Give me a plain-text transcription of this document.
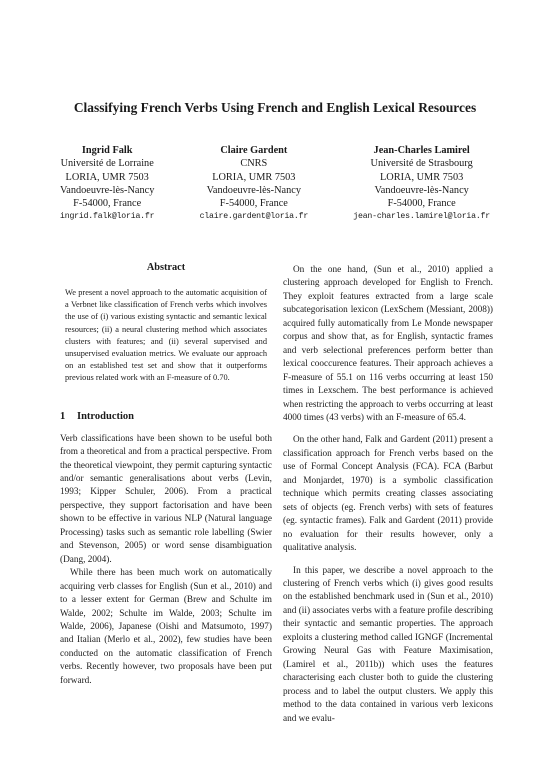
Classifying French Verbs Using French and English Lexical Resources
Ingrid Falk
Université de Lorraine
LORIA, UMR 7503
Vandoeuvre-lès-Nancy
F-54000, France
ingrid.falk@loria.fr
Claire Gardent
CNRS
LORIA, UMR 7503
Vandoeuvre-lès-Nancy
F-54000, France
claire.gardent@loria.fr
Jean-Charles Lamirel
Université de Strasbourg
LORIA, UMR 7503
Vandoeuvre-lès-Nancy
F-54000, France
jean-charles.lamirel@loria.fr
Abstract

We present a novel approach to the automatic acquisition of a Verbnet like classification of French verbs which involves the use of (i) various existing syntactic and semantic lexical resources; (ii) a neural clustering method which associates clusters with features; and (ii) several supervised and unsupervised evaluation metrics. We evaluate our approach on an established test set and show that it outperforms previous related work with an F-measure of 0.70.

1 Introduction

Verb classifications have been shown to be useful both from a theoretical and from a practical perspective. From the theoretical viewpoint, they permit capturing syntactic and/or semantic generalisations about verbs (Levin, 1993; Kipper Schuler, 2006). From a practical perspective, they support factorisation and have been shown to be effective in various NLP (Natural language Processing) tasks such as semantic role labelling (Swier and Stevenson, 2005) or word sense disambiguation (Dang, 2004).

While there has been much work on automatically acquiring verb classes for English (Sun et al., 2010) and to a lesser extent for German (Brew and Schulte im Walde, 2002; Schulte im Walde, 2003; Schulte im Walde, 2006), Japanese (Oishi and Matsumoto, 1997) and Italian (Merlo et al., 2002), few studies have been conducted on the automatic classification of French verbs. Recently however, two proposals have been put forward.

On the one hand, (Sun et al., 2010) applied a clustering approach developed for English to French. They exploit features extracted from a large scale subcategorisation lexicon (LexSchem (Messiant, 2008)) acquired fully automatically from Le Monde newspaper corpus and show that, as for English, syntactic frames and verb selectional preferences perform better than lexical cooccurence features. Their approach achieves a F-measure of 55.1 on 116 verbs occurring at least 150 times in Lexschem. The best performance is achieved when restricting the approach to verbs occurring at least 4000 times (43 verbs) with an F-measure of 65.4.

On the other hand, Falk and Gardent (2011) present a classification approach for French verbs based on the use of Formal Concept Analysis (FCA). FCA (Barbut and Monjardet, 1970) is a symbolic classification technique which permits creating classes associating sets of objects (eg. French verbs) with sets of features (eg. syntactic frames). Falk and Gardent (2011) provide no evaluation for their results however, only a qualitative analysis.

In this paper, we describe a novel approach to the clustering of French verbs which (i) gives good results on the established benchmark used in (Sun et al., 2010) and (ii) associates verbs with a feature profile describing their syntactic and semantic properties. The approach exploits a clustering method called IGNGF (Incremental Growing Neural Gas with Feature Maximisation, (Lamirel et al., 2011b)) which uses the features characterising each cluster both to guide the clustering process and to label the output clusters. We apply this method to the data contained in various verb lexicons and we evalu-
